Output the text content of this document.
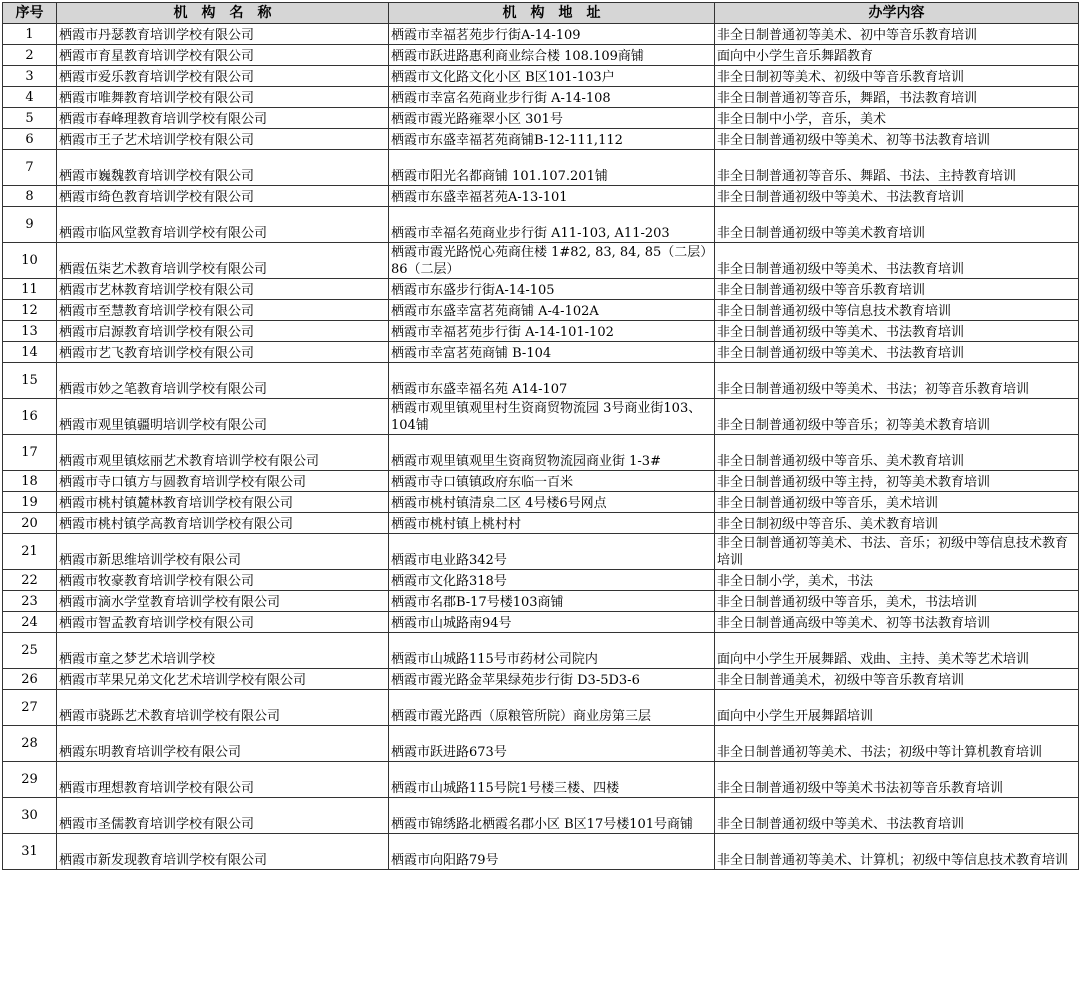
序号	机　构　名　称	机　构　地　址	办学内容
1	栖霞市丹瑟教育培训学校有限公司	栖霞市幸福茗苑步行街A-14-109	非全日制普通初等美术、初中等音乐教育培训
2	栖霞市育星教育培训学校有限公司	栖霞市跃进路惠利商业综合楼 108.109商铺	面向中小学生音乐舞蹈教育
3	栖霞市爱乐教育培训学校有限公司	栖霞市文化路文化小区 B区101-103户	非全日制初等美术、初级中等音乐教育培训
4	栖霞市唯舞教育培训学校有限公司	栖霞市幸富名苑商业步行街 A-14-108	非全日制普通初等音乐，舞蹈，书法教育培训
5	栖霞市春峰理教育培训学校有限公司	栖霞市霞光路雍翠小区 301号	非全日制中小学，音乐，美术
6	栖霞市王子艺术培训学校有限公司	栖霞市东盛幸福茗苑商铺B-12-111,112	非全日制普通初级中等美术、初等书法教育培训
7	栖霞市巍魏教育培训学校有限公司	栖霞市阳光名都商铺 101.107.201铺	非全日制普通初等音乐、舞蹈、书法、主持教育培训
8	栖霞市绮色教育培训学校有限公司	栖霞市东盛幸福茗苑A-13-101	非全日制普通初级中等美术、书法教育培训
9	栖霞市临风堂教育培训学校有限公司	栖霞市幸福名苑商业步行街 A11-103, A11-203	非全日制普通初级中等美术教育培训
10	栖霞伍柒艺术教育培训学校有限公司	栖霞市霞光路悦心苑商住楼 1#82, 83, 84, 85（二层）86（二层）	非全日制普通初级中等美术、书法教育培训
11	栖霞市艺林教育培训学校有限公司	栖霞市东盛步行街A-14-105	非全日制普通初级中等音乐教育培训
12	栖霞市至慧教育培训学校有限公司	栖霞市东盛幸富茗苑商铺 A-4-102A	非全日制普通初级中等信息技术教育培训
13	栖霞市启源教育培训学校有限公司	栖霞市幸福茗苑步行街 A-14-101-102	非全日制普通初级中等美术、书法教育培训
14	栖霞市艺飞教育培训学校有限公司	栖霞市幸富茗苑商铺 B-104	非全日制普通初级中等美术、书法教育培训
15	栖霞市妙之笔教育培训学校有限公司	栖霞市东盛幸福名苑 A14-107	非全日制普通初级中等美术、书法；初等音乐教育培训
16	栖霞市观里镇疆明培训学校有限公司	栖霞市观里镇观里村生资商贸物流园 3号商业街103、104铺	非全日制普通初级中等音乐；初等美术教育培训
17	栖霞市观里镇炫丽艺术教育培训学校有限公司	栖霞市观里镇观里生资商贸物流园商业街 1-3#	非全日制普通初级中等音乐、美术教育培训
18	栖霞市寺口镇方与圆教育培训学校有限公司	栖霞市寺口镇镇政府东临一百米	非全日制普通初级中等主持，初等美术教育培训
19	栖霞市桃村镇麓林教育培训学校有限公司	栖霞市桃村镇清泉二区 4号楼6号网点	非全日制普通初级中等音乐，美术培训
20	栖霞市桃村镇学高教育培训学校有限公司	栖霞市桃村镇上桃村村	非全日制初级中等音乐、美术教育培训
21	栖霞市新思维培训学校有限公司	栖霞市电业路342号	非全日制普通初等美术、书法、音乐；初级中等信息技术教育培训
22	栖霞市牧豪教育培训学校有限公司	栖霞市文化路318号	非全日制小学，美术，书法
23	栖霞市滴水学堂教育培训学校有限公司	栖霞市名郡B-17号楼103商铺	非全日制普通初级中等音乐，美术，书法培训
24	栖霞市智孟教育培训学校有限公司	栖霞市山城路南94号	非全日制普通高级中等美术、初等书法教育培训
25	栖霞市童之梦艺术培训学校	栖霞市山城路115号市药材公司院内	面向中小学生开展舞蹈、戏曲、主持、美术等艺术培训
26	栖霞市苹果兄弟文化艺术培训学校有限公司	栖霞市霞光路金苹果绿苑步行街 D3-5D3-6	非全日制普通美术，初级中等音乐教育培训
27	栖霞市骁跞艺术教育培训学校有限公司	栖霞市霞光路西（原粮管所院）商业房第三层	面向中小学生开展舞蹈培训
28	栖霞东明教育培训学校有限公司	栖霞市跃进路673号	非全日制普通初等美术、书法；初级中等计算机教育培训
29	栖霞市理想教育培训学校有限公司	栖霞市山城路115号院1号楼三楼、四楼	非全日制普通初级中等美术书法初等音乐教育培训
30	栖霞市圣儒教育培训学校有限公司	栖霞市锦绣路北栖霞名郡小区 B区17号楼101号商铺	非全日制普通初级中等美术、书法教育培训
31	栖霞市新发现教育培训学校有限公司	栖霞市向阳路79号	非全日制普通初等美术、计算机；初级中等信息技术教育培训
